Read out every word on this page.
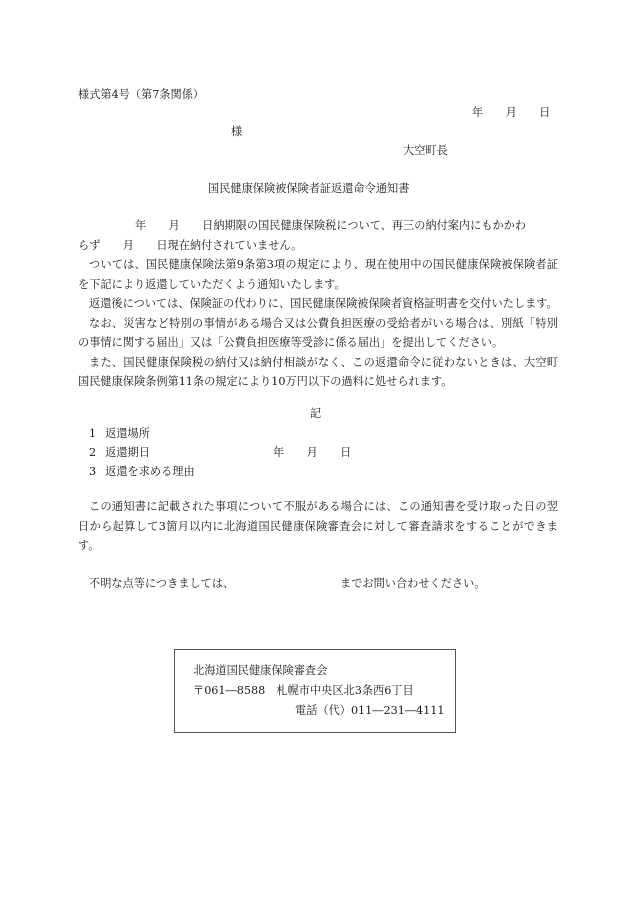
様式第4号（第7条関係）
年　　月　　日
様
大空町長
国民健康保険被保険者証返還命令通知書

年　　月　　日納期限の国民健康保険税について、再三の納付案内にもかかわ

らず　　月　　日現在納付されていません。

ついては、国民健康保険法第9条第3項の規定により、現在使用中の国民健康保険被保険者証を下記により返還していただくよう通知いたします。

返還後については、保険証の代わりに、国民健康保険被保険者資格証明書を交付いたします。

なお、災害など特別の事情がある場合又は公費負担医療の受給者がいる場合は、別紙「特別の事情に関する届出」又は「公費負担医療等受診に係る届出」を提出してください。

また、国民健康保険税の納付又は納付相談がなく、この返還命令に従わないときは、大空町国民健康保険条例第11条の規定により10万円以下の過料に処せられます。

記
1 返還場所
2 返還期日	年　　月　　日
3 返還を求める理由

この通知書に記載された事項について不服がある場合には、この通知書を受け取った日の翌日から起算して3箇月以内に北海道国民健康保険審査会に対して審査請求をすることができます。

不明な点等につきましては、	までお問い合わせください。
北海道国民健康保険審査会
〒061―8588　札幌市中央区北3条西6丁目
電話（代）011―231―4111
